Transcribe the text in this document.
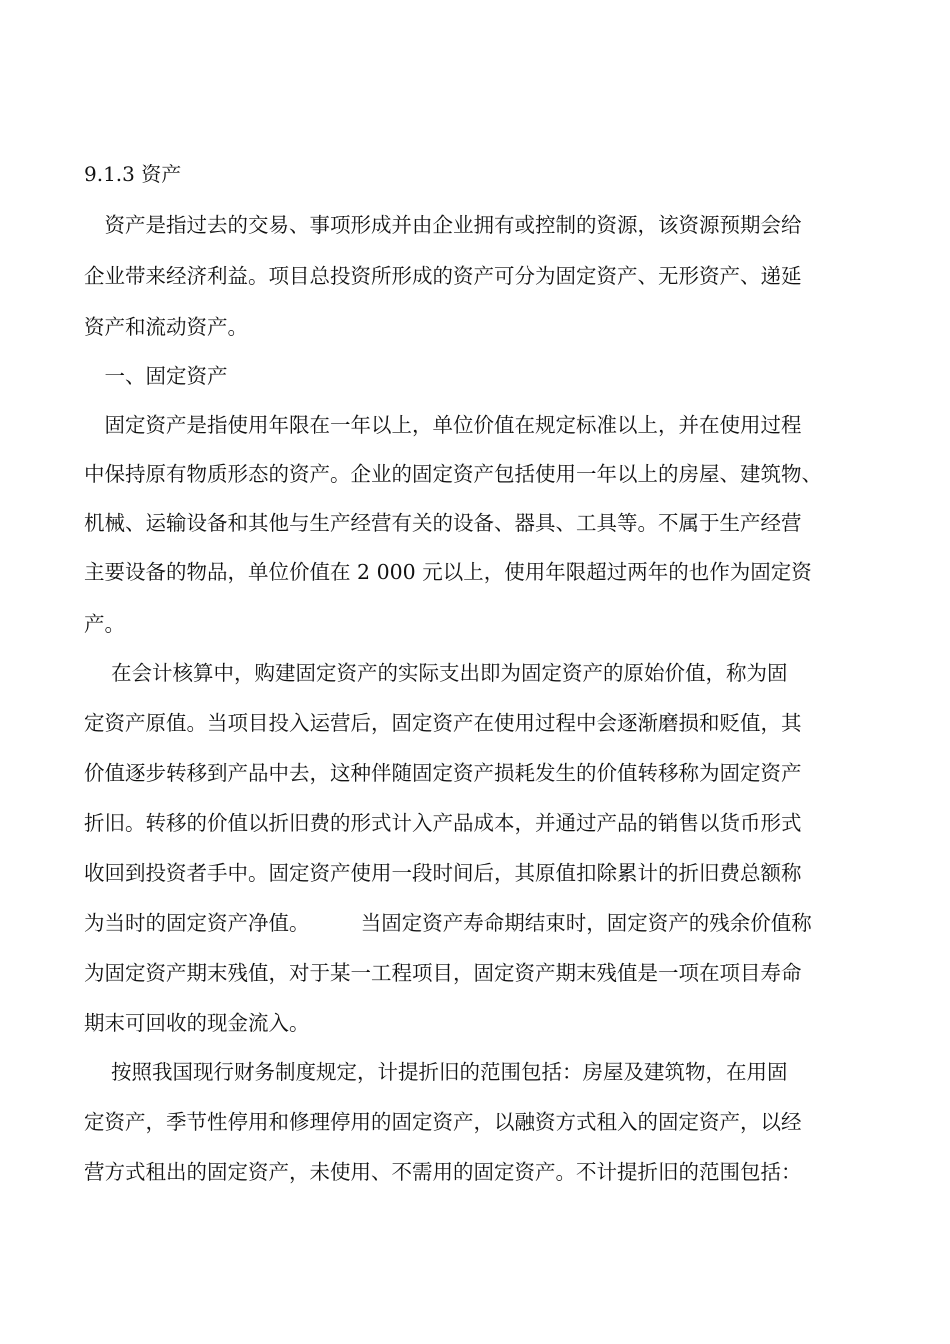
9.1.3 资产
　资产是指过去的交易、事项形成并由企业拥有或控制的资源，该资源预期会给
企业带来经济利益。项目总投资所形成的资产可分为固定资产、无形资产、递延
资产和流动资产。
　一、固定资产
　固定资产是指使用年限在一年以上，单位价值在规定标准以上，并在使用过程
中保持原有物质形态的资产。企业的固定资产包括使用一年以上的房屋、建筑物、
机械、运输设备和其他与生产经营有关的设备、器具、工具等。不属于生产经营
主要设备的物品，单位价值在 2 000 元以上，使用年限超过两年的也作为固定资
产。
　 在会计核算中，购建固定资产的实际支出即为固定资产的原始价值，称为固
定资产原值。当项目投入运营后，固定资产在使用过程中会逐渐磨损和贬值，其
价值逐步转移到产品中去，这种伴随固定资产损耗发生的价值转移称为固定资产
折旧。转移的价值以折旧费的形式计入产品成本，并通过产品的销售以货币形式
收回到投资者手中。固定资产使用一段时间后，其原值扣除累计的折旧费总额称
为当时的固定资产净值。　　　当固定资产寿命期结束时，固定资产的残余价值称
为固定资产期末残值，对于某一工程项目，固定资产期末残值是一项在项目寿命
期末可回收的现金流入。
　 按照我国现行财务制度规定，计提折旧的范围包括：房屋及建筑物，在用固
定资产，季节性停用和修理停用的固定资产，以融资方式租入的固定资产，以经
营方式租出的固定资产，未使用、不需用的固定资产。不计提折旧的范围包括：
